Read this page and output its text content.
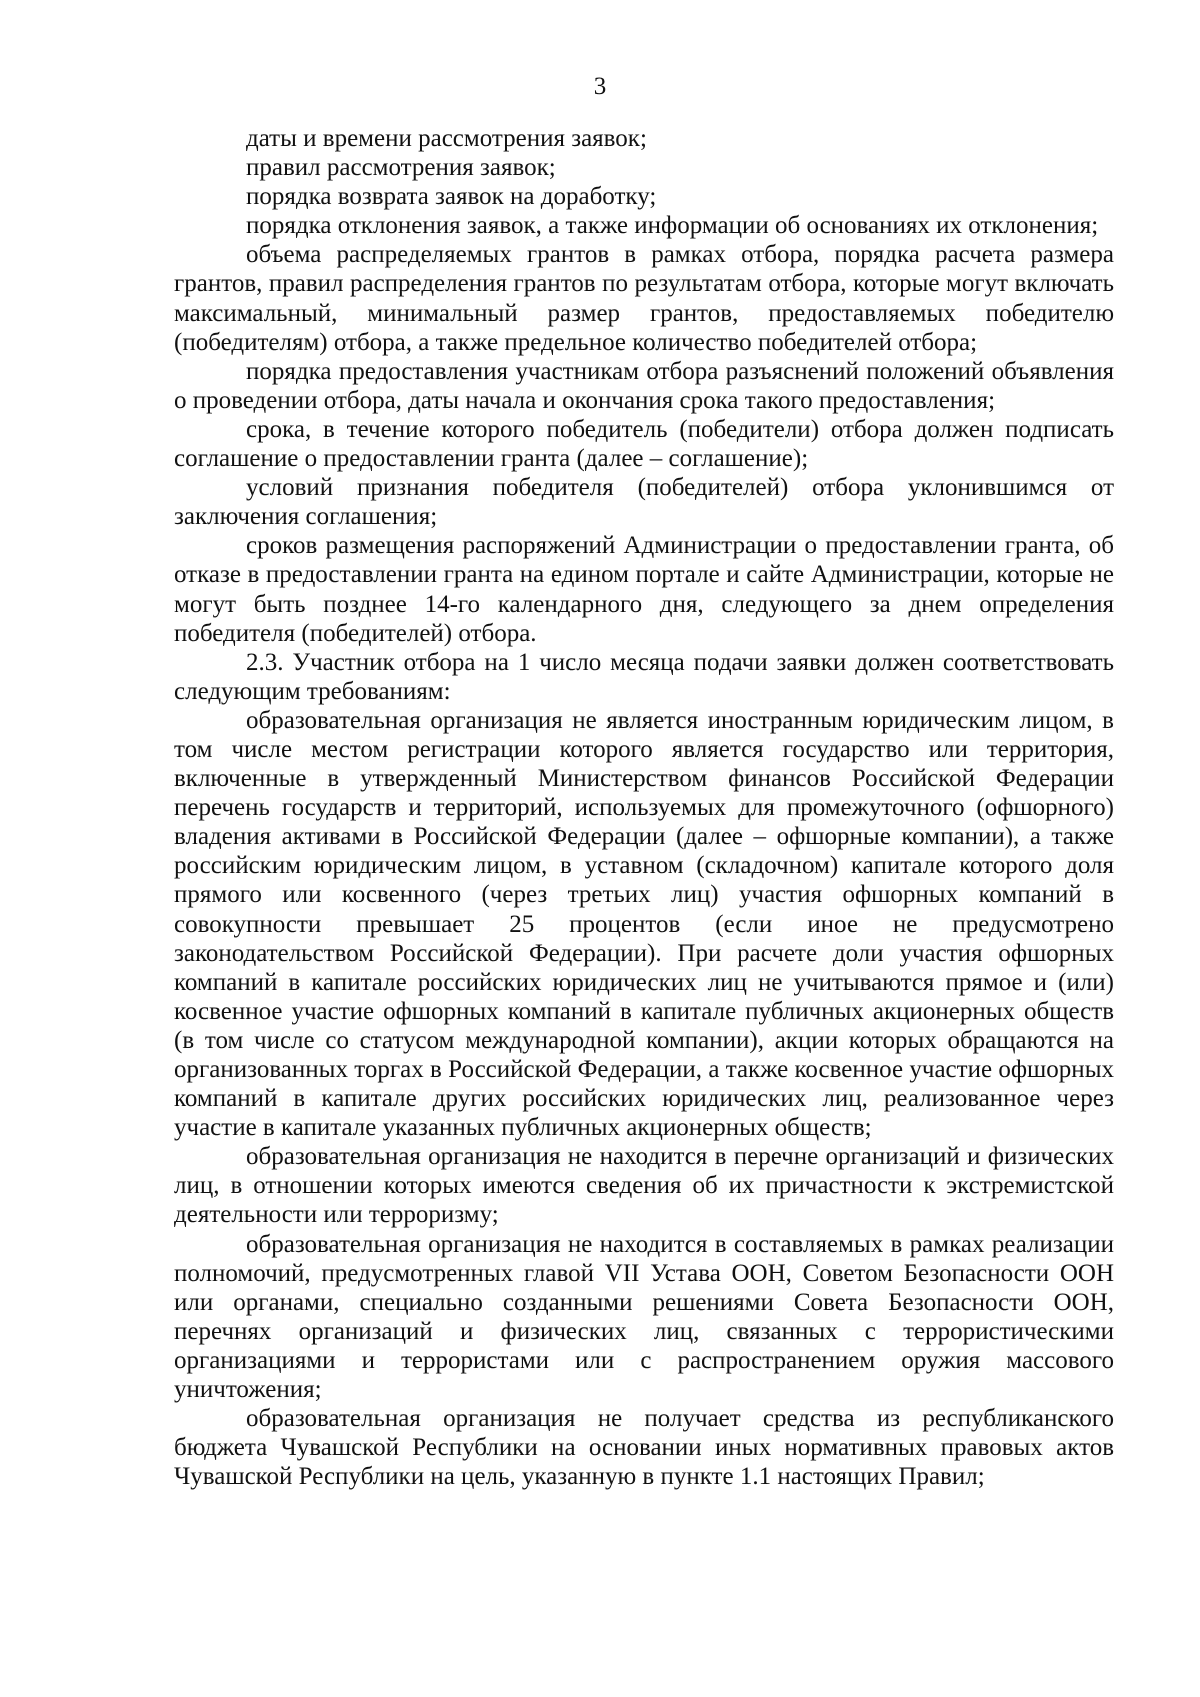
3

даты и времени рассмотрения заявок;

правил рассмотрения заявок;

порядка возврата заявок на доработку;

порядка отклонения заявок, а также информации об основаниях их отклонения;

объема распределяемых грантов в рамках отбора, порядка расчета размера грантов, правил распределения грантов по результатам отбора, которые могут включать максимальный, минимальный размер грантов, предоставляемых победителю (победителям) отбора, а также предельное количество победителей отбора;

порядка предоставления участникам отбора разъяснений положений объявления о проведении отбора, даты начала и окончания срока такого предоставления;

срока, в течение которого победитель (победители) отбора должен подписать соглашение о предоставлении гранта (далее – соглашение);

условий признания победителя (победителей) отбора уклонившимся от заключения соглашения;

сроков размещения распоряжений Администрации о предоставлении гранта, об отказе в предоставлении гранта на едином портале и сайте Администрации, которые не могут быть позднее 14-го календарного дня, следующего за днем определения победителя (победителей) отбора.

2.3. Участник отбора на 1 число месяца подачи заявки должен соответствовать следующим требованиям:

образовательная организация не является иностранным юридическим лицом, в том числе местом регистрации которого является государство или территория, включенные в утвержденный Министерством финансов Российской Федерации перечень государств и территорий, используемых для промежуточного (офшорного) владения активами в Российской Федерации (далее – офшорные компании), а также российским юридическим лицом, в уставном (складочном) капитале которого доля прямого или косвенного (через третьих лиц) участия офшорных компаний в совокупности превышает 25 процентов (если иное не предусмотрено законодательством Российской Федерации). При расчете доли участия офшорных компаний в капитале российских юридических лиц не учитываются прямое и (или) косвенное участие офшорных компаний в капитале публичных акционерных обществ (в том числе со статусом международной компании), акции которых обращаются на организованных торгах в Российской Федерации, а также косвенное участие офшорных компаний в капитале других российских юридических лиц, реализованное через участие в капитале указанных публичных акционерных обществ;

образовательная организация не находится в перечне организаций и физических лиц, в отношении которых имеются сведения об их причастности к экстремистской деятельности или терроризму;

образовательная организация не находится в составляемых в рамках реализации полномочий, предусмотренных главой VII Устава ООН, Советом Безопасности ООН или органами, специально созданными решениями Совета Безопасности ООН, перечнях организаций и физических лиц, связанных с террористическими организациями и террористами или с распространением оружия массового уничтожения;

образовательная организация не получает средства из республиканского бюджета Чувашской Республики на основании иных нормативных правовых актов Чувашской Республики на цель, указанную в пункте 1.1 настоящих Правил;
